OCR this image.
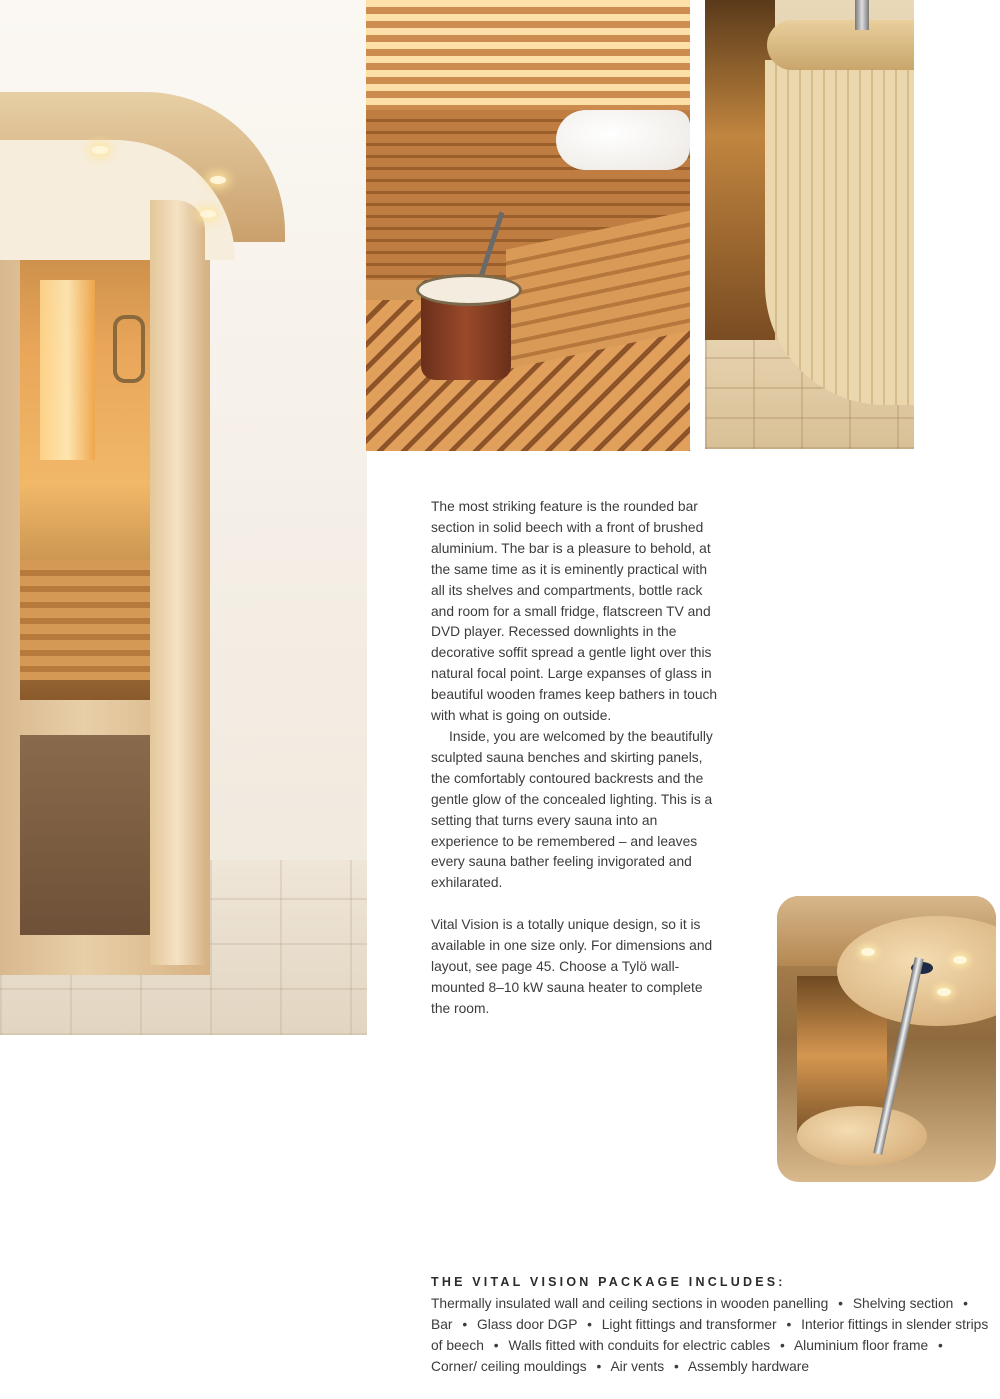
The most striking feature is the rounded bar section in solid beech with a front of brushed aluminium. The bar is a pleasure to behold, at the same time as it is eminently practical with all its shelves and compartments, bottle rack and room for a small fridge, flatscreen TV and DVD player. Recessed downlights in the decorative soffit spread a gentle light over this natural focal point. Large expanses of glass in beautiful wooden frames keep bathers in touch with what is going on outside.

Inside, you are welcomed by the beautifully sculpted sauna benches and skirting panels, the comfortably contoured backrests and the gentle glow of the concealed lighting. This is a setting that turns every sauna into an experience to be remembered – and leaves every sauna bather feeling invigorated and exhilarated.

Vital Vision is a totally unique design, so it is available in one size only. For dimensions and layout, see page 45. Choose a Tylö wall-mounted 8–10 kW sauna heater to complete the room.

THE VITAL VISION PACKAGE INCLUDES:
Thermally insulated wall and ceiling sections in wooden panelling • Shelving section • Bar • Glass door DGP • Light fittings and transformer • Interior fittings in slender strips of beech • Walls fitted with conduits for electric cables • Aluminium floor frame • Corner/ ceiling mouldings • Air vents • Assembly hardware
